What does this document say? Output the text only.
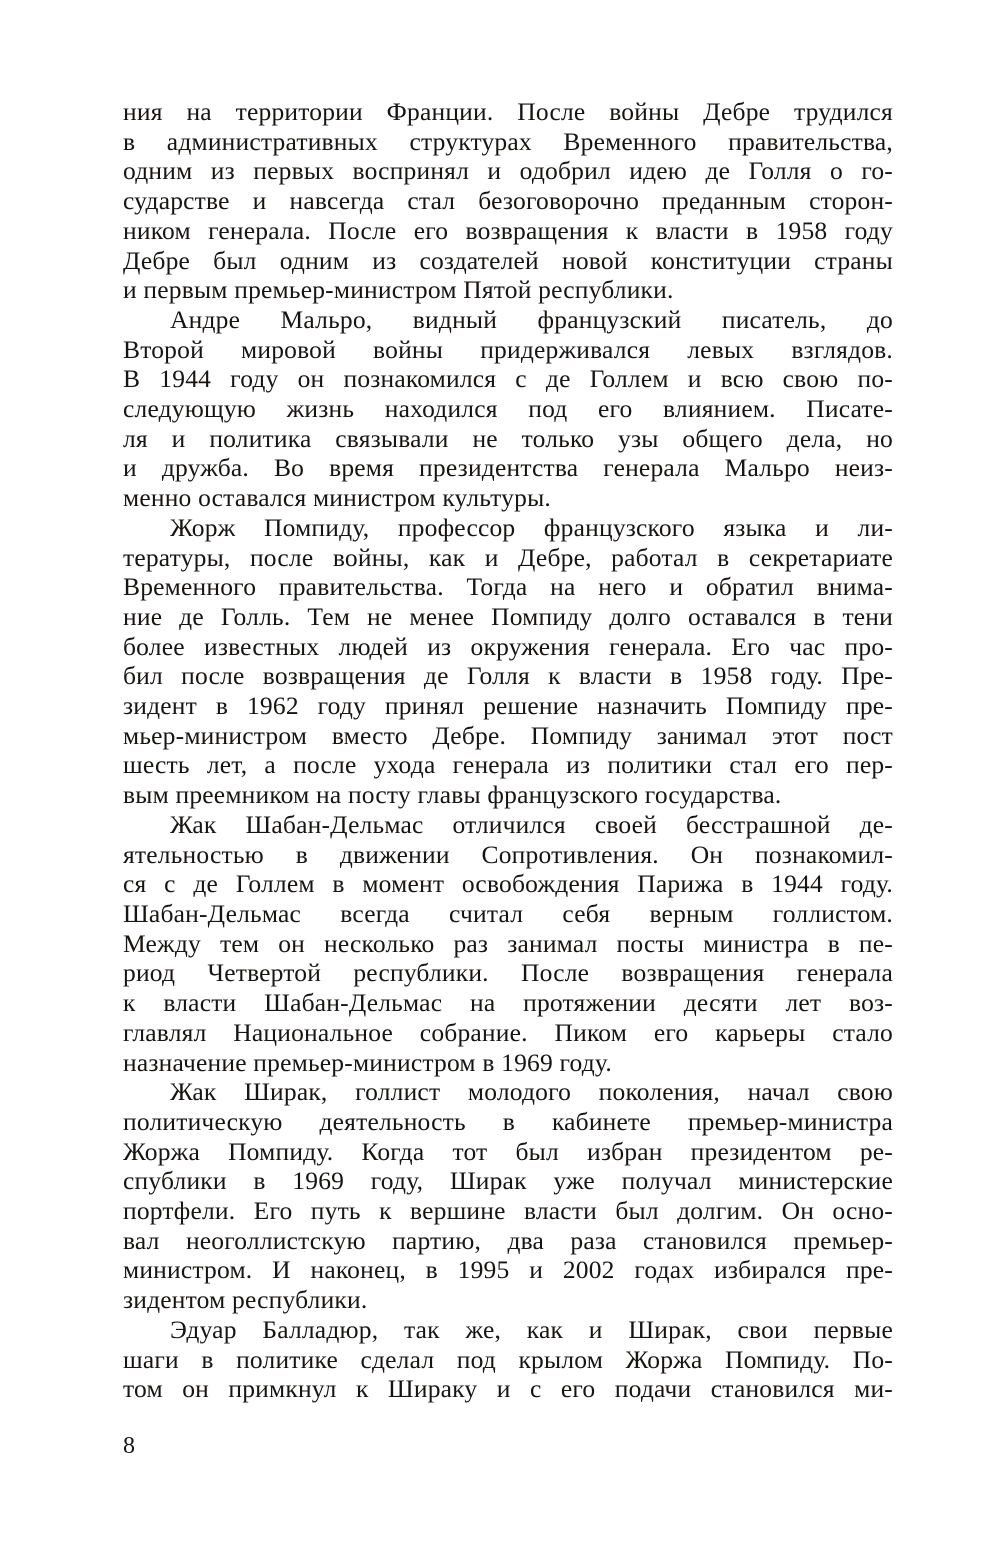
ния на территории Франции. После войны Дебре трудился
в административных структурах Временного правительства,
одним из первых воспринял и одобрил идею де Голля о го-
сударстве и навсегда стал безоговорочно преданным сторон-
ником генерала. После его возвращения к власти в 1958 году
Дебре был одним из создателей новой конституции страны
и первым премьер-министром Пятой республики.
Андре Мальро, видный французский писатель, до
Второй мировой войны придерживался левых взглядов.
В 1944 году он познакомился с де Голлем и всю свою по-
следующую жизнь находился под его влиянием. Писате-
ля и политика связывали не только узы общего дела, но
и дружба. Во время президентства генерала Мальро неиз-
менно оставался министром культуры.
Жорж Помпиду, профессор французского языка и ли-
тературы, после войны, как и Дебре, работал в секретариате
Временного правительства. Тогда на него и обратил внима-
ние де Голль. Тем не менее Помпиду долго оставался в тени
более известных людей из окружения генерала. Его час про-
бил после возвращения де Голля к власти в 1958 году. Пре-
зидент в 1962 году принял решение назначить Помпиду пре-
мьер-министром вместо Дебре. Помпиду занимал этот пост
шесть лет, а после ухода генерала из политики стал его пер-
вым преемником на посту главы французского государства.
Жак Шабан-Дельмас отличился своей бесстрашной де-
ятельностью в движении Сопротивления. Он познакомил-
ся с де Голлем в момент освобождения Парижа в 1944 году.
Шабан-Дельмас всегда считал себя верным голлистом.
Между тем он несколько раз занимал посты министра в пе-
риод Четвертой республики. После возвращения генерала
к власти Шабан-Дельмас на протяжении десяти лет воз-
главлял Национальное собрание. Пиком его карьеры стало
назначение премьер-министром в 1969 году.
Жак Ширак, голлист молодого поколения, начал свою
политическую деятельность в кабинете премьер-министра
Жоржа Помпиду. Когда тот был избран президентом ре-
спублики в 1969 году, Ширак уже получал министерские
портфели. Его путь к вершине власти был долгим. Он осно-
вал неоголлистскую партию, два раза становился премьер-
министром. И наконец, в 1995 и 2002 годах избирался пре-
зидентом республики.
Эдуар Балладюр, так же, как и Ширак, свои первые
шаги в политике сделал под крылом Жоржа Помпиду. По-
том он примкнул к Шираку и с его подачи становился ми-
8
